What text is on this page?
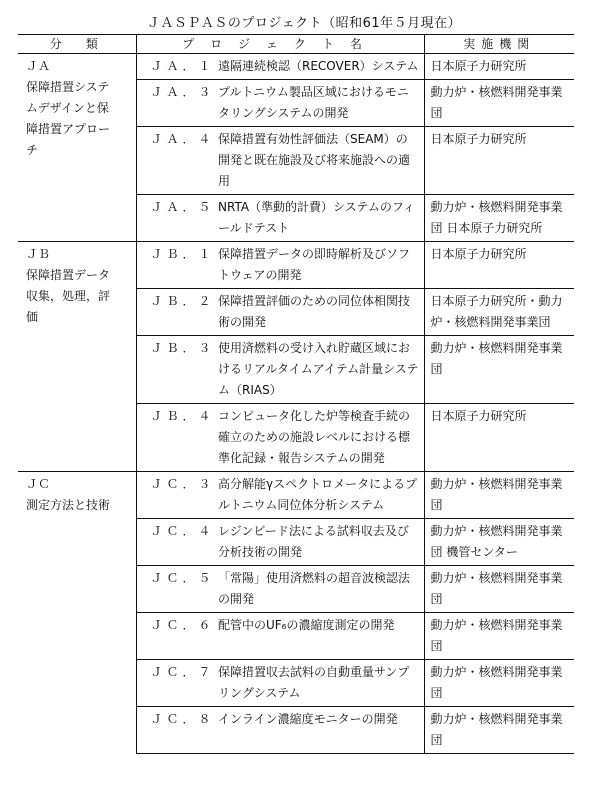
ＪＡＳＰＡＳのプロジェクト（昭和61年５月現在）
分　類	プロジェクト名		実施機関

ＪＡ
保障措置システ
ムデザインと保
障措置アプロー
チ	ＪＡ．１	遠隔連続検認（RECOVER）システム	日本原子力研究所
	ＪＡ．３	プルトニウム製品区域におけるモニタリングシステムの開発	動力炉・核燃料開発事業団
	ＪＡ．４	保障措置有効性評価法（SEAM）の開発と既在施設及び将来施設への適用	日本原子力研究所
	ＪＡ．５	NRTA（準動的計費）システムのフィールドテスト	動力炉・核燃料開発事業団 日本原子力研究所

ＪＢ
保障措置データ
収集，処理，評
価	ＪＢ．１	保障措置データの即時解析及びソフトウェアの開発	日本原子力研究所
	ＪＢ．２	保障措置評価のための同位体相関技術の開発	日本原子力研究所・動力炉・核燃料開発事業団
	ＪＢ．３	使用済燃料の受け入れ貯蔵区域におけるリアルタイムアイテム計量システム（RIAS）	動力炉・核燃料開発事業団
	ＪＢ．４	コンピュータ化した炉等検査手続の確立のための施設レベルにおける標準化記録・報告システムの開発	日本原子力研究所

ＪＣ
測定方法と技術	ＪＣ．３	高分解能γスペクトロメータによるプルトニウム同位体分析システム	動力炉・核燃料開発事業団
	ＪＣ．４	レジンビード法による試料収去及び分析技術の開発	動力炉・核燃料開発事業団 機管センター
	ＪＣ．５	「常陽」使用済燃料の超音波検認法の開発	動力炉・核燃料開発事業団
	ＪＣ．６	配管中のUF₆の濃縮度測定の開発	動力炉・核燃料開発事業団
	ＪＣ．７	保障措置収去試料の自動重量サンプリングシステム	動力炉・核燃料開発事業団
	ＪＣ．８	インライン濃縮度モニターの開発	動力炉・核燃料開発事業団
